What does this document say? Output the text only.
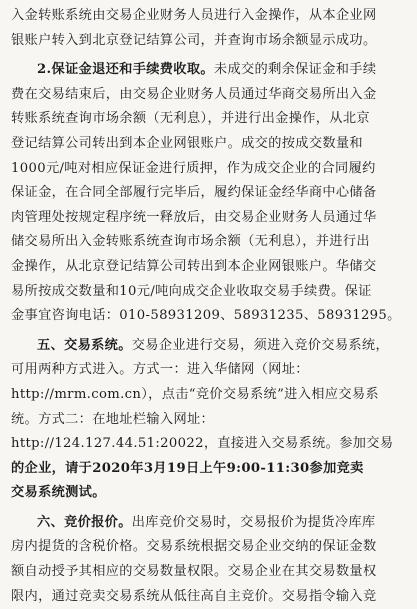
入金转账系统由交易企业财务人员进行入金操作，从本企业网
银账户转入到北京登记结算公司，并查询市场余额显示成功。
2.保证金退还和手续费收取。未成交的剩余保证金和手续
费在交易结束后，由交易企业财务人员通过华商交易所出入金
转账系统查询市场余额（无利息），并进行出金操作，从北京
登记结算公司转出到本企业网银账户。成交的按成交数量和
1000元/吨对相应保证金进行质押，作为成交企业的合同履约
保证金，在合同全部履行完毕后，履约保证金经华商中心储备
肉管理处按规定程序统一释放后，由交易企业财务人员通过华
储交易所出入金转账系统查询市场余额（无利息），并进行出
金操作，从北京登记结算公司转出到本企业网银账户。华储交
易所按成交数量和10元/吨向成交企业收取交易手续费。保证
金事宜咨询电话：010-58931209、58931235、58931295。
五、交易系统。交易企业进行交易，须进入竞价交易系统，
可用两种方式进入。方式一：进入华储网（网址：
http://mrm.com.cn），点击“竞价交易系统”进入相应交易系
统。方式二：在地址栏输入网址：
http://124.127.44.51:20022，直接进入交易系统。参加交易
的企业，请于2020年3月19日上午9:00-11:30参加竞卖
交易系统测试。
六、竞价报价。出库竞价交易时，交易报价为提货冷库库
房内提货的含税价格。交易系统根据交易企业交纳的保证金数
额自动授予其相应的交易数量权限。交易企业在其交易数量权
限内，通过竞卖交易系统从低往高自主竞价。交易指令输入竞
